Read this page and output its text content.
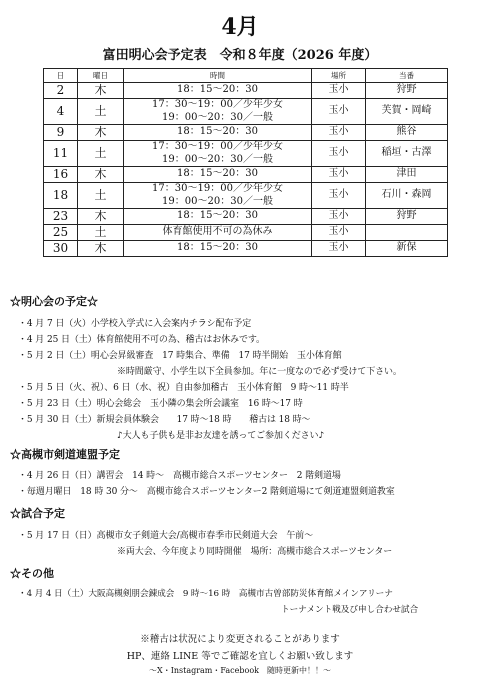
4月
富田明心会予定表　令和８年度（2026 年度）
日	曜日	時間	場所	当番
2	木	18：15〜20：30	玉小	狩野
4	土	17：30〜19：00／少年少女
19：00〜20：30／一般	玉小	芙賀・岡崎
9	木	18：15〜20：30	玉小	熊谷
11	土	17：30〜19：00／少年少女
19：00〜20：30／一般	玉小	稲垣・古澤
16	木	18：15〜20：30	玉小	津田
18	土	17：30〜19：00／少年少女
19：00〜20：30／一般	玉小	石川・森岡
23	木	18：15〜20：30	玉小	狩野
25	土	体育館使用不可の為休み	玉小	
30	木	18：15〜20：30	玉小	新保
☆明心会の予定☆
・4 月 7 日（火）小学校入学式に入会案内チラシ配布予定
・4 月 25 日（土）体育館使用不可の為、稽古はお休みです。
・5 月 2 日（土）明心会昇級審査　17 時集合、準備　17 時半開始　玉小体育館
※時間厳守、小学生以下全員参加。年に一度なので必ず受けて下さい。
・5 月 5 日（火、祝）、6 日（水、祝）自由参加稽古　玉小体育館　9 時〜11 時半
・5 月 23 日（土）明心会総会　玉小隣の集会所会議室　16 時〜17 時
・5 月 30 日（土）新規会員体験会　　17 時〜18 時　　稽古は 18 時〜
♪大人も子供も是非お友達を誘ってご参加ください♪
☆高槻市剣道連盟予定
・4 月 26 日（日）講習会　14 時〜　高槻市総合スポーツセンター　2 階剣道場
・毎週月曜日　18 時 30 分〜　高槻市総合スポーツセンター2 階剣道場にて剣道連盟剣道教室
☆試合予定
・5 月 17 日（日）高槻市女子剣道大会/高槻市春季市民剣道大会　午前〜
※両大会、今年度より同時開催　場所：高槻市総合スポーツセンター
☆その他
・4 月 4 日（土）大阪高槻剣朋会錬成会　9 時〜16 時　高槻市古曽部防災体育館メインアリーナ
トーナメント戦及び申し合わせ試合
※稽古は状況により変更されることがあります
HP、連絡 LINE 等でご確認を宜しくお願い致します
〜X・Instagram・Facebook　随時更新中！！〜
